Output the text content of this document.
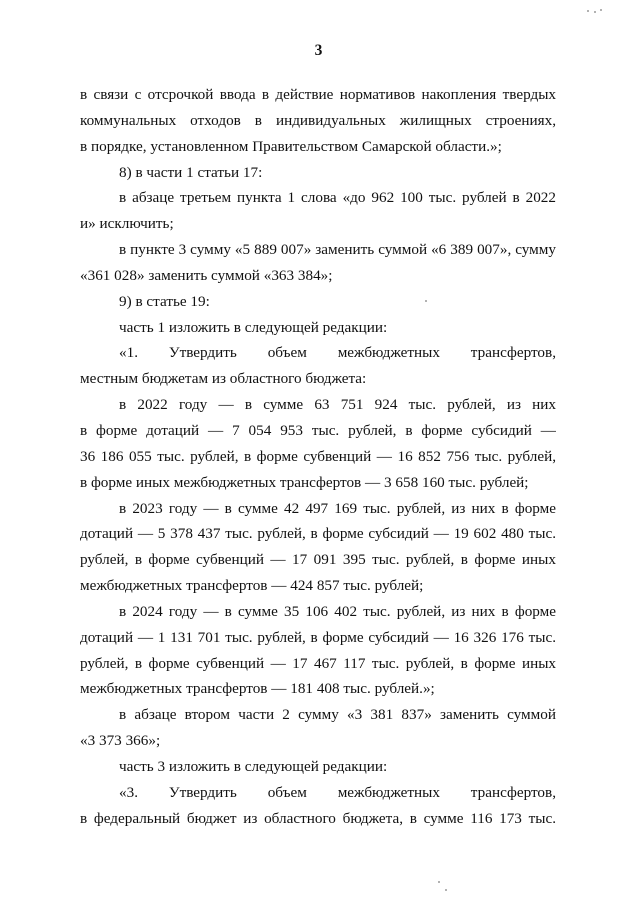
3
в связи с отсрочкой ввода в действие нормативов накопления твердых
коммунальных отходов в индивидуальных жилищных строениях,
в порядке, установленном Правительством Самарской области.»;
8) в части 1 статьи 17:
в абзаце третьем пункта 1 слова «до 962 100 тыс. рублей в 2022
и» исключить;
в пункте 3 сумму «5 889 007» заменить суммой «6 389 007», сумму
«361 028» заменить суммой «363 384»;
9) в статье 19:
часть 1 изложить в следующей редакции:
«1. Утвердить объем межбюджетных трансфертов,
местным бюджетам из областного бюджета:
в 2022 году — в сумме 63 751 924 тыс. рублей, из них
в форме дотаций — 7 054 953 тыс. рублей, в форме субсидий —
36 186 055 тыс. рублей, в форме субвенций — 16 852 756 тыс. рублей,
в форме иных межбюджетных трансфертов — 3 658 160 тыс. рублей;
в 2023 году — в сумме 42 497 169 тыс. рублей, из них в форме
дотаций — 5 378 437 тыс. рублей, в форме субсидий — 19 602 480 тыс.
рублей, в форме субвенций — 17 091 395 тыс. рублей, в форме иных
межбюджетных трансфертов — 424 857 тыс. рублей;
в 2024 году — в сумме 35 106 402 тыс. рублей, из них в форме
дотаций — 1 131 701 тыс. рублей, в форме субсидий — 16 326 176 тыс.
рублей, в форме субвенций — 17 467 117 тыс. рублей, в форме иных
межбюджетных трансфертов — 181 408 тыс. рублей.»;
в абзаце втором части 2 сумму «3 381 837» заменить суммой
«3 373 366»;
часть 3 изложить в следующей редакции:
«3. Утвердить объем межбюджетных трансфертов,
в федеральный бюджет из областного бюджета, в сумме 116 173 тыс.
